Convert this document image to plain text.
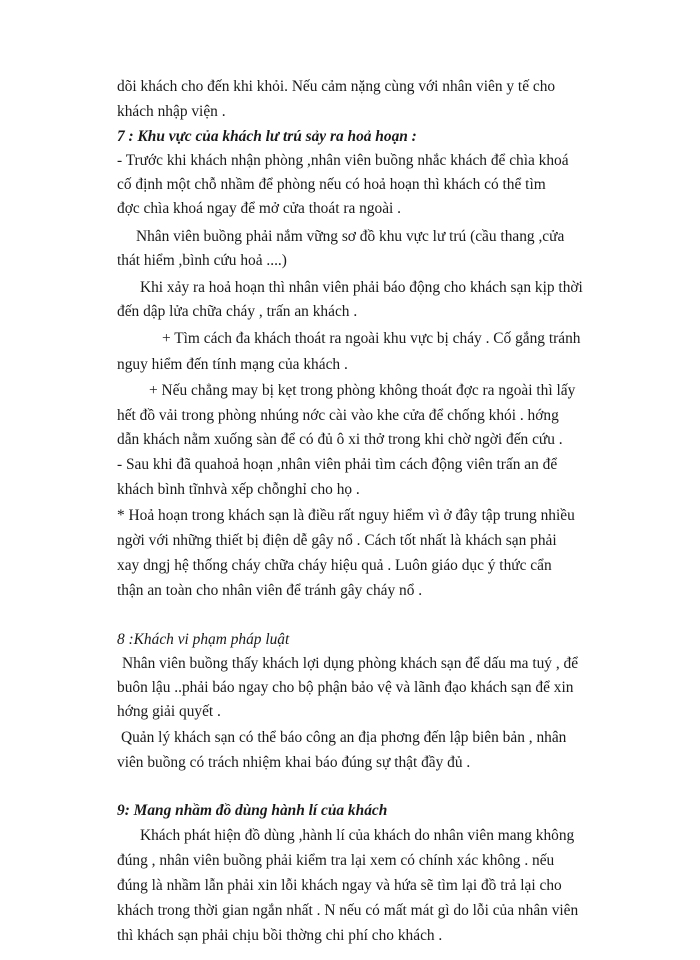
dõi khách cho đến khi khỏi. Nếu cảm nặng cùng với nhân viên y tế cho
khách nhập viện .
7 : Khu vực của khách lư trú sảy ra hoả hoạn :
- Trước khi khách nhận phòng ,nhân viên buồng nhắc khách để chìa khoá
cố định một chỗ nhầm để phòng nếu có hoả hoạn thì khách có thể tìm
đợc chìa khoá ngay để mở cửa thoát ra ngoài .
Nhân viên buồng phải nắm vững sơ đồ khu vực lư trú (cầu thang ,cửa
thát hiểm ,bình cứu hoả ....)
Khi xảy ra hoả hoạn thì nhân viên phải báo động cho khách sạn kịp thời
đến dập lửa chữa cháy , trấn an khách .
+ Tìm cách đa khách thoát ra ngoài khu vực bị cháy . Cố gắng tránh
nguy hiểm đến tính mạng của khách .
+ Nếu chẳng may bị kẹt trong phòng không thoát đợc ra ngoài thì lấy
hết đồ vải trong phòng nhúng nớc cài vào khe cửa để chống khói . hớng
dẫn khách nằm xuống sàn để có đủ ô xi thở trong khi chờ ngời đến cứu .
- Sau khi đã quahoả hoạn ,nhân viên phải tìm cách động viên trấn an để
khách bình tĩnhvà xếp chỗnghỉ cho họ .
* Hoả hoạn trong khách sạn là điều rất nguy hiểm vì ở đây tập trung nhiều
ngời với những thiết bị điện dễ gây nổ . Cách tốt nhất là khách sạn phải
xay dngj hệ thống cháy chữa cháy hiệu quả . Luôn giáo dục ý thức cẩn
thận an toàn cho nhân viên để tránh gây cháy nổ .
8 :Khách vi phạm pháp luật
Nhân viên buồng thấy khách lợi dụng phòng khách sạn để dấu ma tuý , để
buôn lậu ..phải báo ngay cho bộ phận bảo vệ và lãnh đạo khách sạn để xin
hớng giải quyết .
Quản lý khách sạn có thể báo công an địa phơng đến lập biên bản , nhân
viên buồng có trách nhiệm khai báo đúng sự thật đầy đủ .
9: Mang nhầm đồ dùng hành lí của khách
Khách phát hiện đồ dùng ,hành lí của khách do nhân viên mang không
đúng , nhân viên buồng phải kiểm tra lại xem có chính xác không . nếu
đúng là nhầm lẫn phải xin lỗi khách ngay và hứa sẽ tìm lại đồ trả lại cho
khách trong thời gian ngắn nhất . N nếu có mất mát gì do lỗi của nhân viên
thì khách sạn phải chịu bồi thờng chi phí cho khách .
